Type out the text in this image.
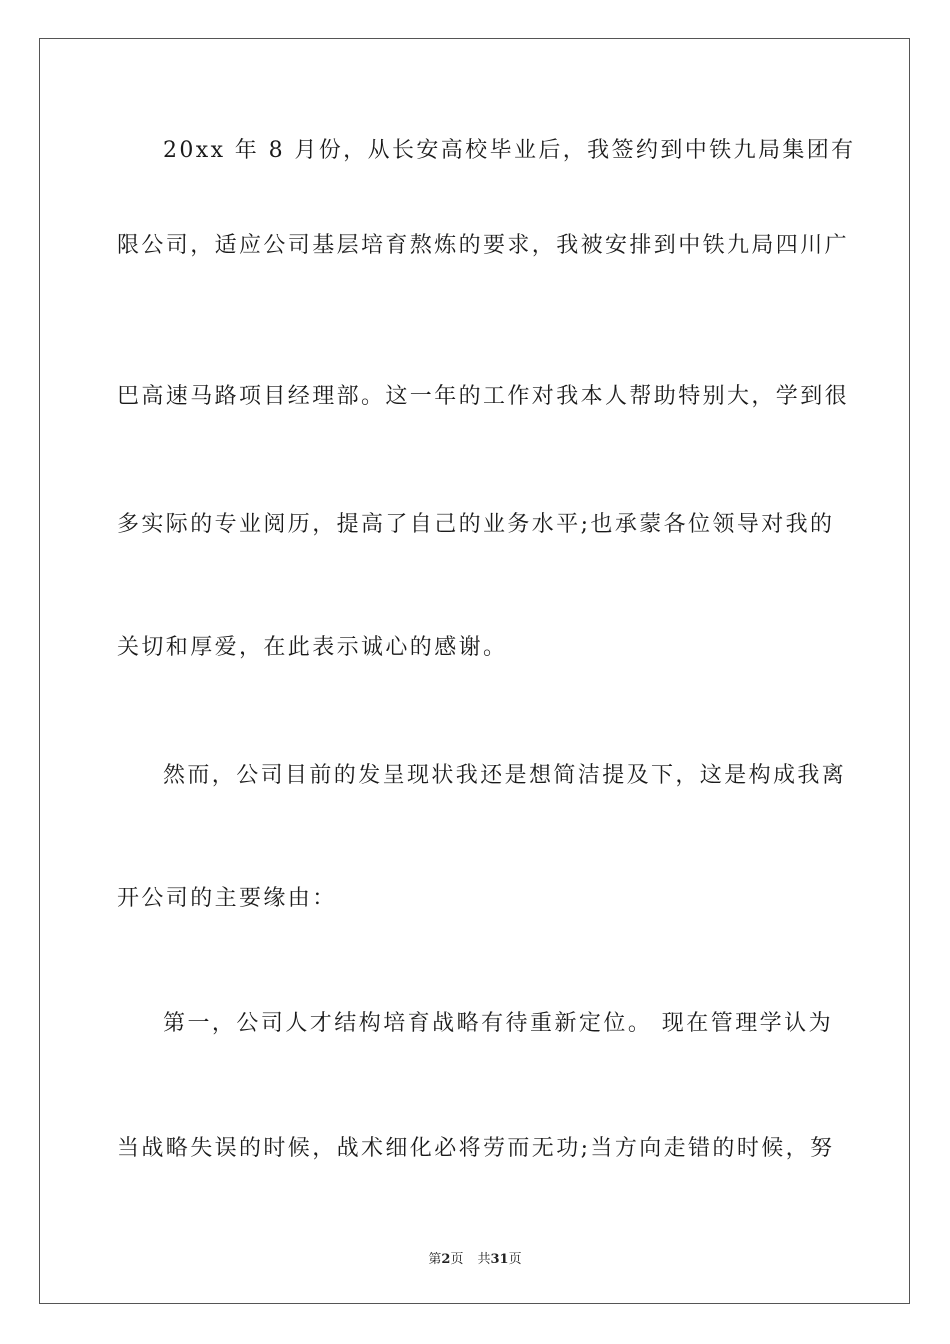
20xx 年 8 月份，从长安高校毕业后，我签约到中铁九局集团有
限公司，适应公司基层培育熬炼的要求，我被安排到中铁九局四川广
巴高速马路项目经理部。这一年的工作对我本人帮助特别大，学到很
多实际的专业阅历，提高了自己的业务水平;也承蒙各位领导对我的
关切和厚爱，在此表示诚心的感谢。
然而，公司目前的发呈现状我还是想简洁提及下，这是构成我离
开公司的主要缘由：
第一，公司人才结构培育战略有待重新定位。 现在管理学认为
当战略失误的时候，战术细化必将劳而无功;当方向走错的时候，努
第2页 共31页
